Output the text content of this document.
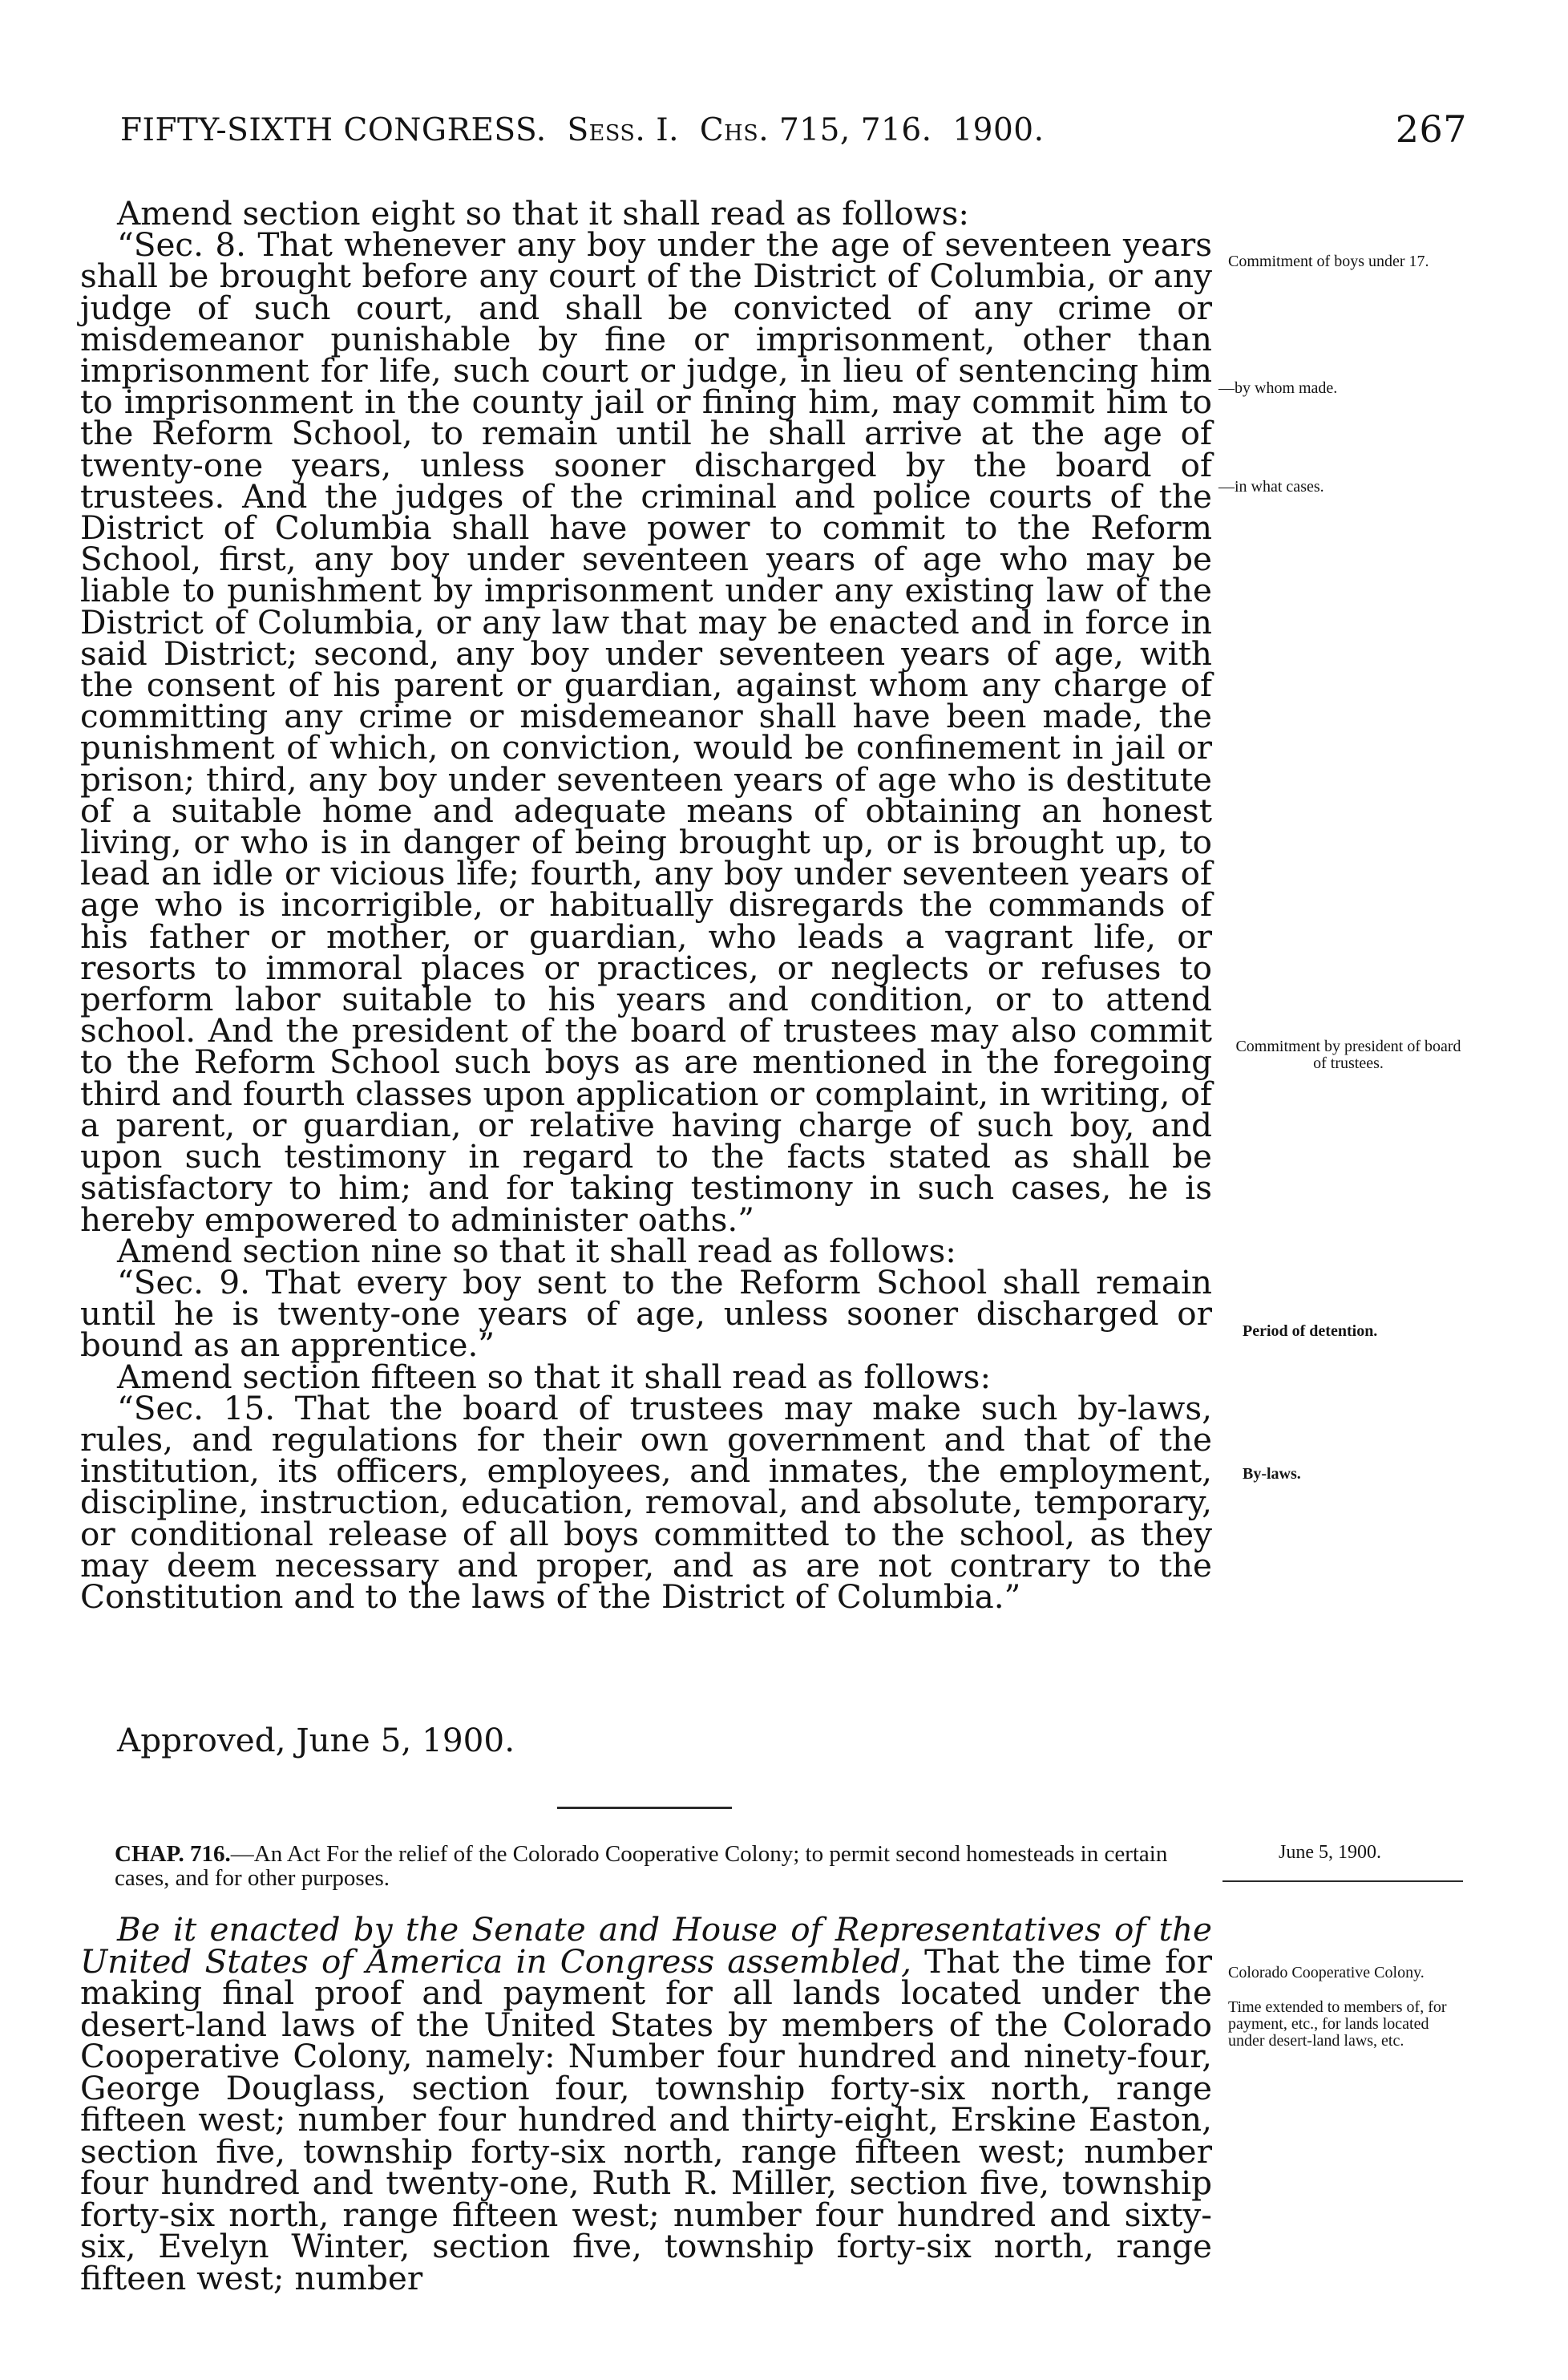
FIFTY-SIXTH CONGRESS. Sess. I. Chs. 715, 716. 1900.	267

Amend section eight so that it shall read as follows:

“Sec. 8. That whenever any boy under the age of seventeen years shall be brought before any court of the District of Columbia, or any judge of such court, and shall be convicted of any crime or misdemeanor punishable by fine or imprisonment, other than imprisonment for life, such court or judge, in lieu of sentencing him to imprisonment in the county jail or fining him, may commit him to the Reform School, to remain until he shall arrive at the age of twenty-one years, unless sooner discharged by the board of trustees. And the judges of the criminal and police courts of the District of Columbia shall have power to commit to the Reform School, first, any boy under seventeen years of age who may be liable to punishment by imprisonment under any existing law of the District of Columbia, or any law that may be enacted and in force in said District; second, any boy under seventeen years of age, with the consent of his parent or guardian, against whom any charge of committing any crime or misdemeanor shall have been made, the punishment of which, on conviction, would be confinement in jail or prison; third, any boy under seventeen years of age who is destitute of a suitable home and adequate means of obtaining an honest living, or who is in danger of being brought up, or is brought up, to lead an idle or vicious life; fourth, any boy under seventeen years of age who is incorrigible, or habitually disregards the commands of his father or mother, or guardian, who leads a vagrant life, or resorts to immoral places or practices, or neglects or refuses to perform labor suitable to his years and condition, or to attend school. And the president of the board of trustees may also commit to the Reform School such boys as are mentioned in the foregoing third and fourth classes upon application or complaint, in writing, of a parent, or guardian, or relative having charge of such boy, and upon such testimony in regard to the facts stated as shall be satisfactory to him; and for taking testimony in such cases, he is hereby empowered to administer oaths.”

Amend section nine so that it shall read as follows:

“Sec. 9. That every boy sent to the Reform School shall remain until he is twenty-one years of age, unless sooner discharged or bound as an apprentice.”

Amend section fifteen so that it shall read as follows:

“Sec. 15. That the board of trustees may make such by-laws, rules, and regulations for their own government and that of the institution, its officers, employees, and inmates, the employment, discipline, instruction, education, removal, and absolute, temporary, or conditional release of all boys committed to the school, as they may deem necessary and proper, and as are not contrary to the Constitution and to the laws of the District of Columbia.”

Approved, June 5, 1900.
Commitment of boys under 17.
—by whom made.
—in what cases.
Commitment by president of board of trustees.
Period of detention.
By-laws.
CHAP. 716.—An Act For the relief of the Colorado Cooperative Colony; to permit second homesteads in certain cases, and for other purposes.
June 5, 1900.

Be it enacted by the Senate and House of Representatives of the United States of America in Congress assembled, That the time for making final proof and payment for all lands located under the desert-land laws of the United States by members of the Colorado Cooperative Colony, namely: Number four hundred and ninety-four, George Douglass, section four, township forty-six north, range fifteen west; number four hundred and thirty-eight, Erskine Easton, section five, township forty-six north, range fifteen west; number four hundred and twenty-one, Ruth R. Miller, section five, township forty-six north, range fifteen west; number four hundred and sixty-six, Evelyn Winter, section five, township forty-six north, range fifteen west; number

Colorado Cooperative Colony.
Time extended to members of, for payment, etc., for lands located under desert-land laws, etc.
